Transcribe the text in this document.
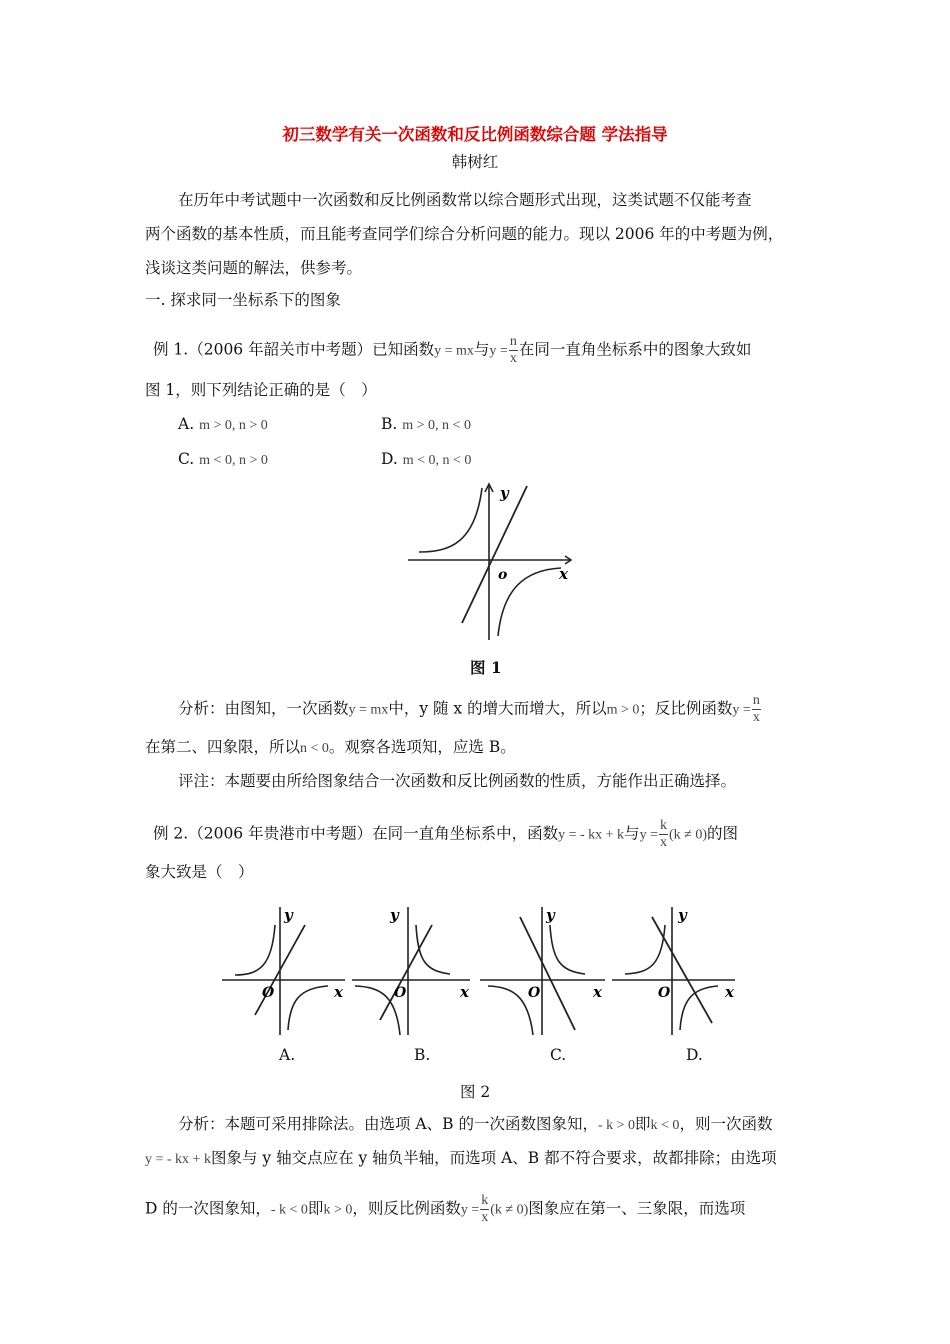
初三数学有关一次函数和反比例函数综合题 学法指导
韩树红
在历年中考试题中一次函数和反比例函数常以综合题形式出现，这类试题不仅能考查
两个函数的基本性质，而且能考查同学们综合分析问题的能力。现以 2006 年的中考题为例，
浅谈这类问题的解法，供参考。
一. 探求同一坐标系下的图象
例 1.（2006 年韶关市中考题）已知函数y = mx与$y = \frac{n}{x}$ 在同一直角坐标系中的图象大致如
图 1，则下列结论正确的是（　）
A. m > 0, n > 0	B. m > 0, n < 0
C. m < 0, n > 0	D. m < 0, n < 0
y
x
o
图 1
分析：由图知，一次函数y = mx中，y 随 x 的增大而增大，所以m > 0；反比例函数$y = \frac{n}{x}$
在第二、四象限，所以n < 0。观察各选项知，应选 B。
评注：本题要由所给图象结合一次函数和反比例函数的性质，方能作出正确选择。
例 2.（2006 年贵港市中考题）在同一直角坐标系中，函数y = - kx + k与$y = \frac{k}{x} (k \ne 0)$的图
象大致是（　）
y
x
O
y
x
O
y
x
O
y
x
O
A.	B.	C.	D.
图 2
分析：本题可采用排除法。由选项 A、B 的一次函数图象知，- k > 0即k < 0，则一次函数
y = - kx + k图象与 y 轴交点应在 y 轴负半轴，而选项 A、B 都不符合要求，故都排除；由选项
D 的一次图象知，- k < 0即k > 0，则反比例函数$y = \frac{k}{x} (k \ne 0)$图象应在第一、三象限，而选项
